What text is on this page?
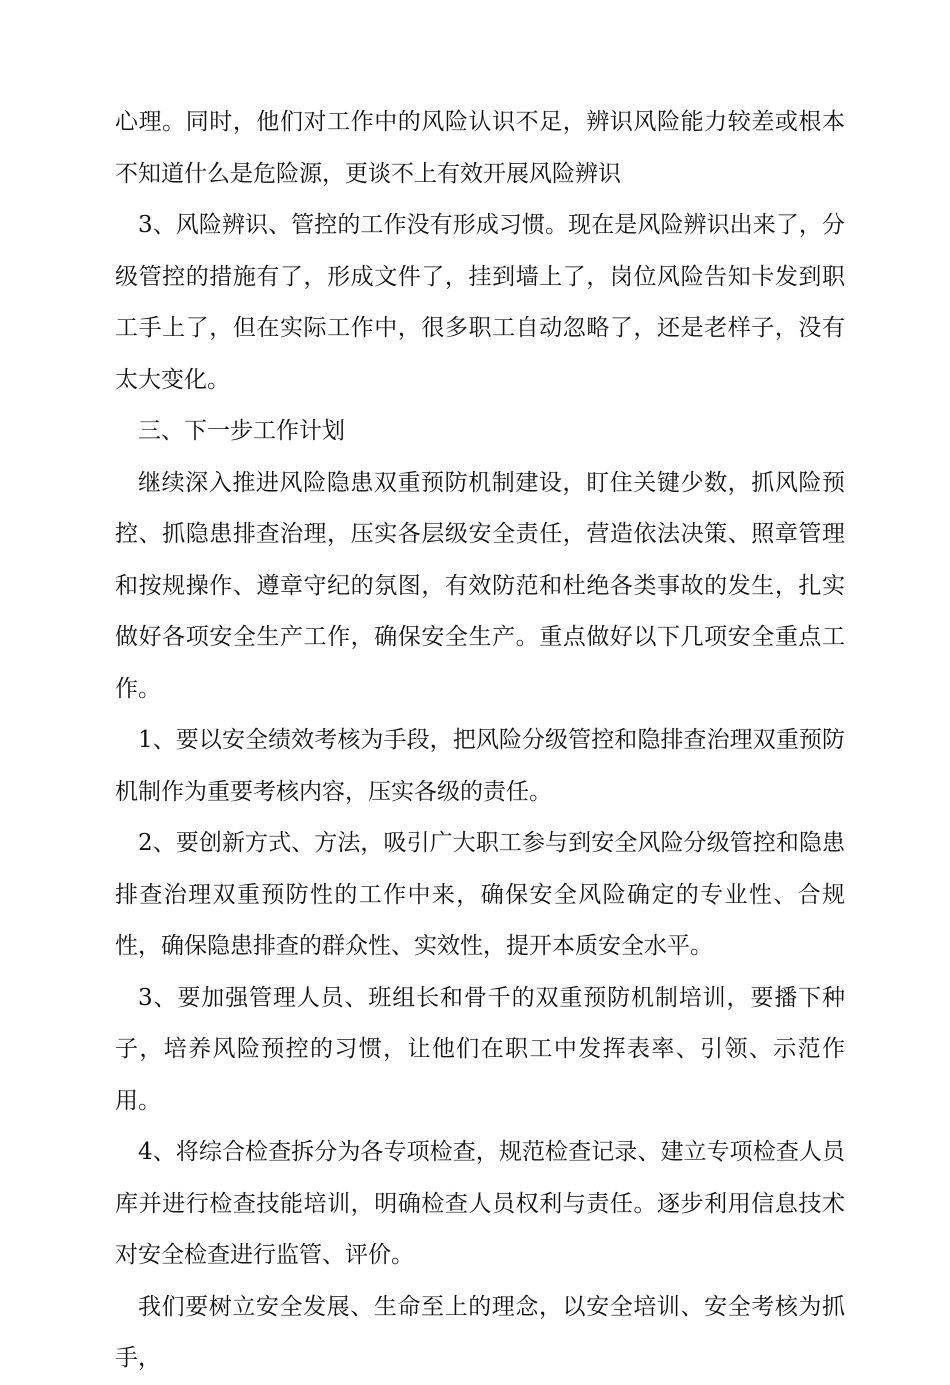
心理。同时，他们对工作中的风险认识不足，辨识风险能力较差或根本不知道什么是危险源，更谈不上有效开展风险辨识

3、风险辨识、管控的工作没有形成习惯。现在是风险辨识出来了，分级管控的措施有了，形成文件了，挂到墙上了，岗位风险告知卡发到职工手上了，但在实际工作中，很多职工自动忽略了，还是老样子，没有太大变化。

三、下一步工作计划

继续深入推进风险隐患双重预防机制建设，盯住关键少数，抓风险预控、抓隐患排查治理，压实各层级安全责任，营造依法决策、照章管理和按规操作、遵章守纪的氛图，有效防范和杜绝各类事故的发生，扎实做好各项安全生产工作，确保安全生产。重点做好以下几项安全重点工作。

1、要以安全绩效考核为手段，把风险分级管控和隐排查治理双重预防机制作为重要考核内容，压实各级的责任。

2、要创新方式、方法，吸引广大职工参与到安全风险分级管控和隐患排查治理双重预防性的工作中来，确保安全风险确定的专业性、合规性，确保隐患排查的群众性、实效性，提开本质安全水平。

3、要加强管理人员、班组长和骨千的双重预防机制培训，要播下种子，培养风险预控的习惯，让他们在职工中发挥表率、引领、示范作用。

4、将综合检查拆分为各专项检查，规范检查记录、建立专项检查人员库并进行检查技能培训，明确检查人员权利与责任。逐步利用信息技术对安全检查进行监管、评价。

我们要树立安全发展、生命至上的理念，以安全培训、安全考核为抓手，
